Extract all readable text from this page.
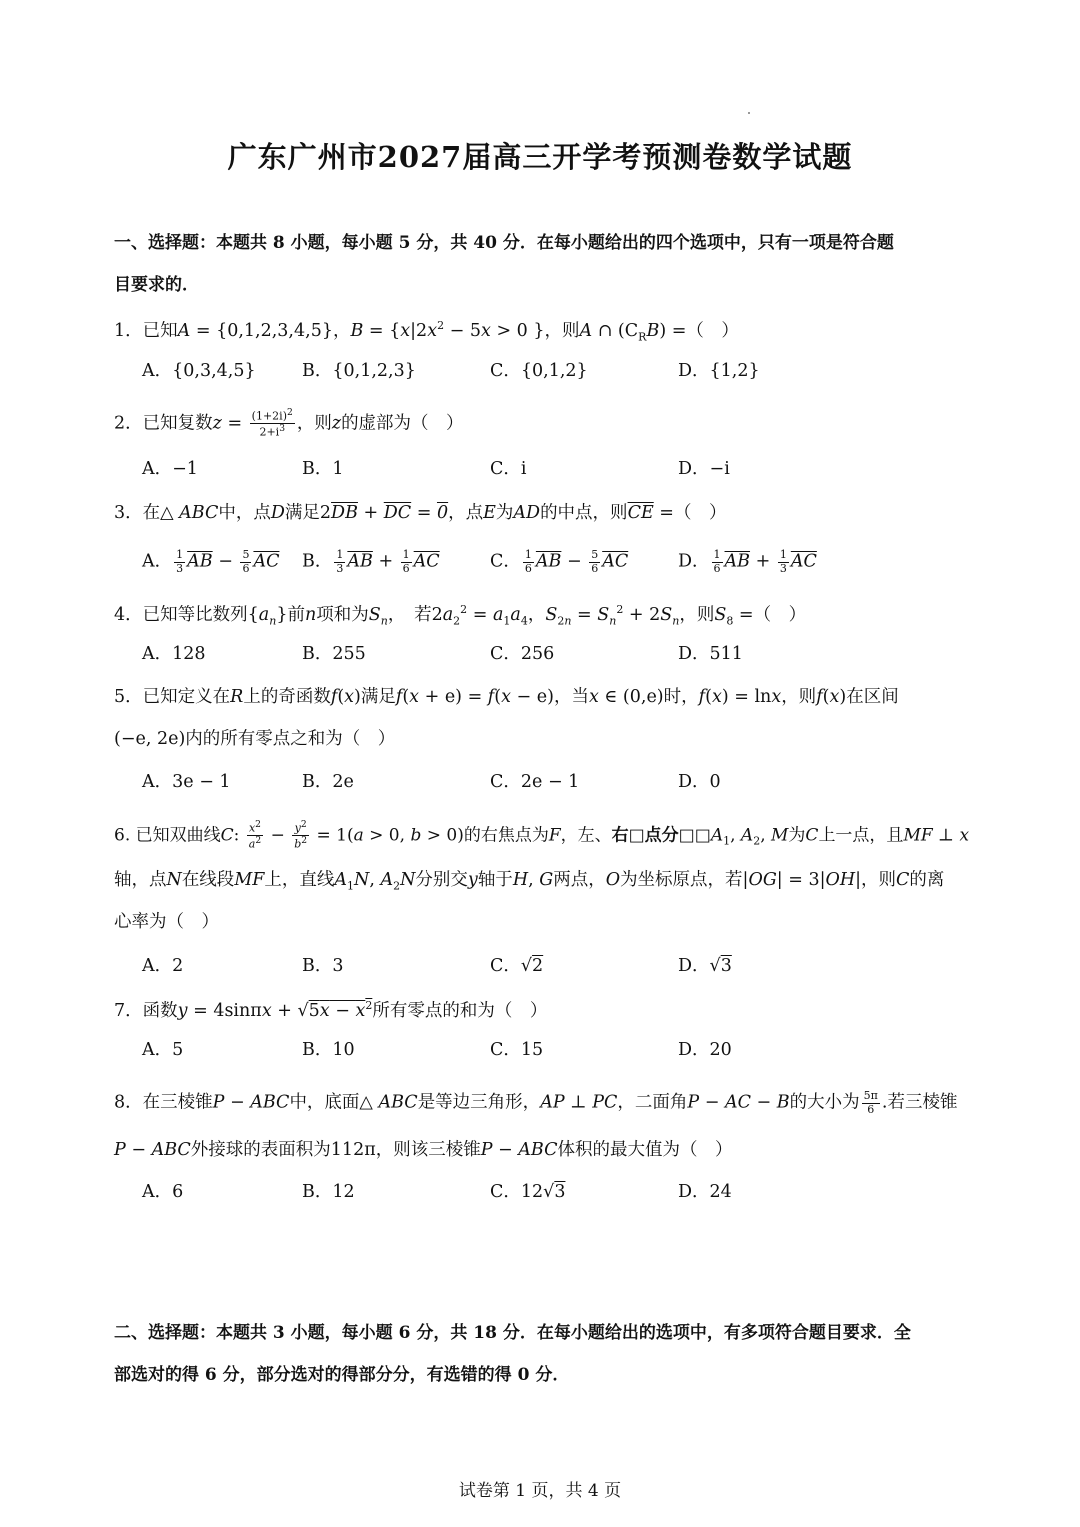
广东广州市2027届高三开学考预测卷数学试题
一、选择题：本题共 8 小题，每小题 5 分，共 40 分．在每小题给出的四个选项中，只有一项是符合题
目要求的．
1．已知A = {0,1,2,3,4,5}，$B = \{x|2x^2 - 5x > 0$ }，则A ∩ $(C_RB)$ =（　）
A．{0,3,4,5}	B．{0,1,2,3}	C．{0,1,2}	D．{1,2}
2．已知复数$z = \frac{(1+2i)^2}{2+i^3}$ ，则z的虚部为（　）
A．−1	B．1	C．i	D．−i
3．在△ ABC中，点D满足$2\overline{DB} + \overline{DC} = 0$，点E为AD的中点，则$\overline{CE}$ =（　）
A． $\frac{1}{3} \overline{AB} - \frac{5}{6} \overline{AC}$ B． $\frac{1}{3} \overline{AB} + \frac{1}{6} \overline{AC}$	C． $\frac{1}{6} \overline{AB} - \frac{5}{6} \overline{AC}$	D． $\frac{1}{6} \overline{AB} + \frac{1}{3} \overline{AC}$
4．已知等比数列$\{a_n\}$前n项和为$S_n$，　若$2a_2^2 = a_1a_4$，$S_{2n} = S_n^2 + 2S_n$，则$S_8$ =（　）
A．128	B．255	C．256	D．511
5．已知定义在R上的奇函数f(x)满足f(x + e) = f(x − e)，当x ∈ (0,e)时，f(x) = lnx，则f(x)在区间
(−e, 2e)内的所有零点之和为（　）
A．3e − 1	B．2e	C．2e − 1	D．0
6. 已知双曲线C: $\frac{x^2}{a^2} - \frac{y^2}{b^2} = 1(a > 0$, b > 0)的右焦点为F，左、右□点分$□□A_1$, $A_2$, M为C上一点，且MF ⊥ x
轴，点N在线段MF上，直线$A_1N$, $A_2N$分别交y轴于H, G两点，O为坐标原点，若|OG| = 3|OH|，则C的离
心率为（　）
A．2	B．3	C．√2	D．√3
7．函数$y = 4\sin\pi x + √5x - x^2$所有零点的和为（　）
A．5	B．10	C．15	D．20
8．在三棱锥P − ABC中，底面△ ABC是等边三角形，AP ⊥ PC，二面角P − AC − B的大小为 $\frac{5\pi}{6}$ .若三棱锥
P − ABC外接球的表面积为112π，则该三棱锥P − ABC体积的最大值为（　）
A．6	B．12	C．12√3	D．24
二、选择题：本题共 3 小题，每小题 6 分，共 18 分．在每小题给出的选项中，有多项符合题目要求．全
部选对的得 6 分，部分选对的得部分分，有选错的得 0 分．
试卷第 1 页，共 4 页
